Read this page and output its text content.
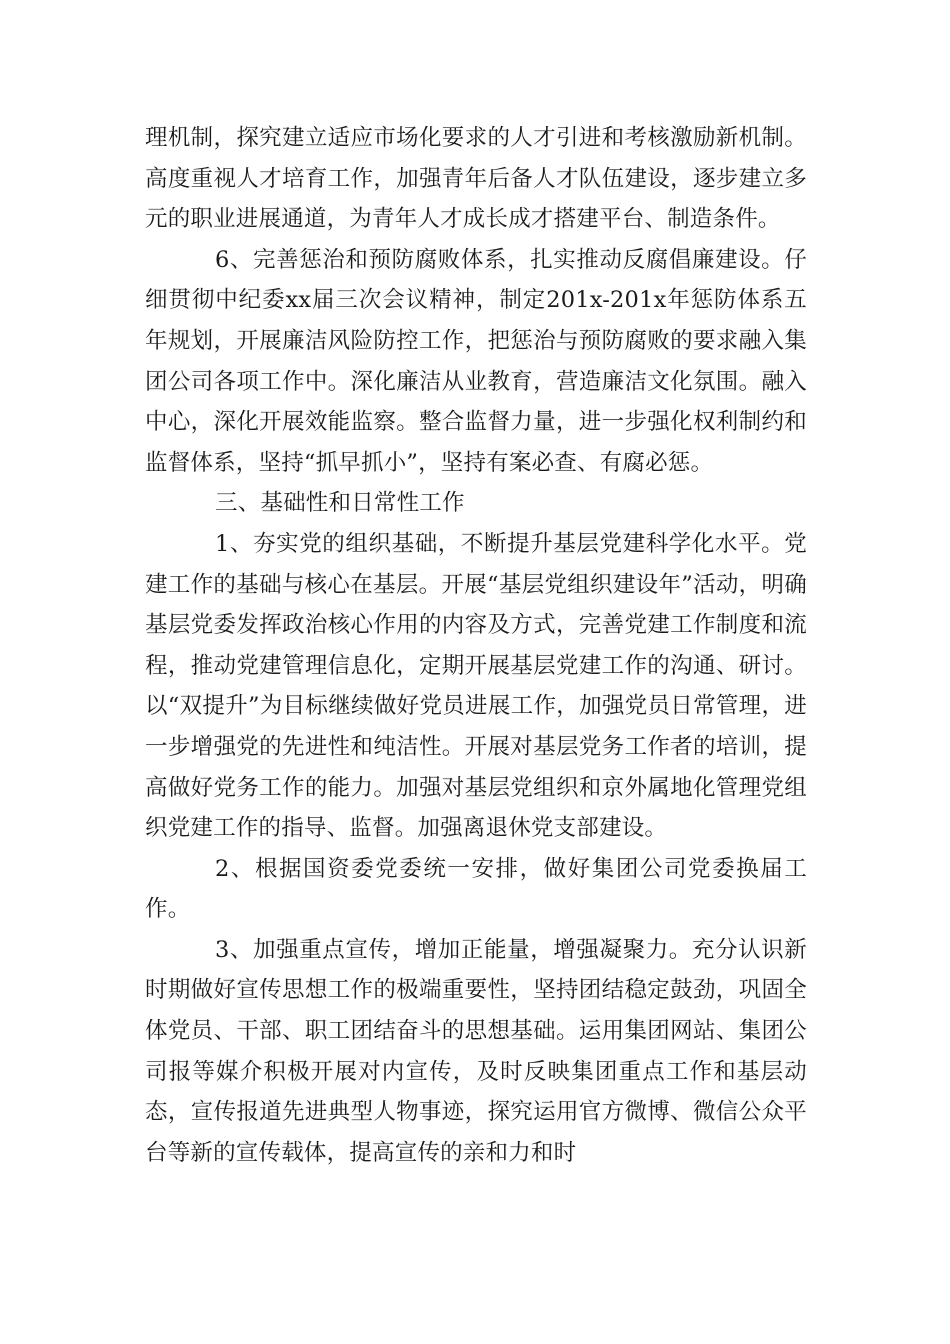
理机制，探究建立适应市场化要求的人才引进和考核激励新机制。高度重视人才培育工作，加强青年后备人才队伍建设，逐步建立多元的职业进展通道，为青年人才成长成才搭建平台、制造条件。

6、完善惩治和预防腐败体系，扎实推动反腐倡廉建设。仔细贯彻中纪委xx届三次会议精神，制定201x-201x年惩防体系五年规划，开展廉洁风险防控工作，把惩治与预防腐败的要求融入集团公司各项工作中。深化廉洁从业教育，营造廉洁文化氛围。融入中心，深化开展效能监察。整合监督力量，进一步强化权利制约和监督体系，坚持“抓早抓小”，坚持有案必查、有腐必惩。

三、基础性和日常性工作

1、夯实党的组织基础，不断提升基层党建科学化水平。党建工作的基础与核心在基层。开展“基层党组织建设年”活动，明确基层党委发挥政治核心作用的内容及方式，完善党建工作制度和流程，推动党建管理信息化，定期开展基层党建工作的沟通、研讨。以“双提升”为目标继续做好党员进展工作，加强党员日常管理，进一步增强党的先进性和纯洁性。开展对基层党务工作者的培训，提高做好党务工作的能力。加强对基层党组织和京外属地化管理党组织党建工作的指导、监督。加强离退休党支部建设。

2、根据国资委党委统一安排，做好集团公司党委换届工作。

3、加强重点宣传，增加正能量，增强凝聚力。充分认识新时期做好宣传思想工作的极端重要性，坚持团结稳定鼓劲，巩固全体党员、干部、职工团结奋斗的思想基础。运用集团网站、集团公司报等媒介积极开展对内宣传，及时反映集团重点工作和基层动态，宣传报道先进典型人物事迹，探究运用官方微博、微信公众平台等新的宣传载体，提高宣传的亲和力和时
